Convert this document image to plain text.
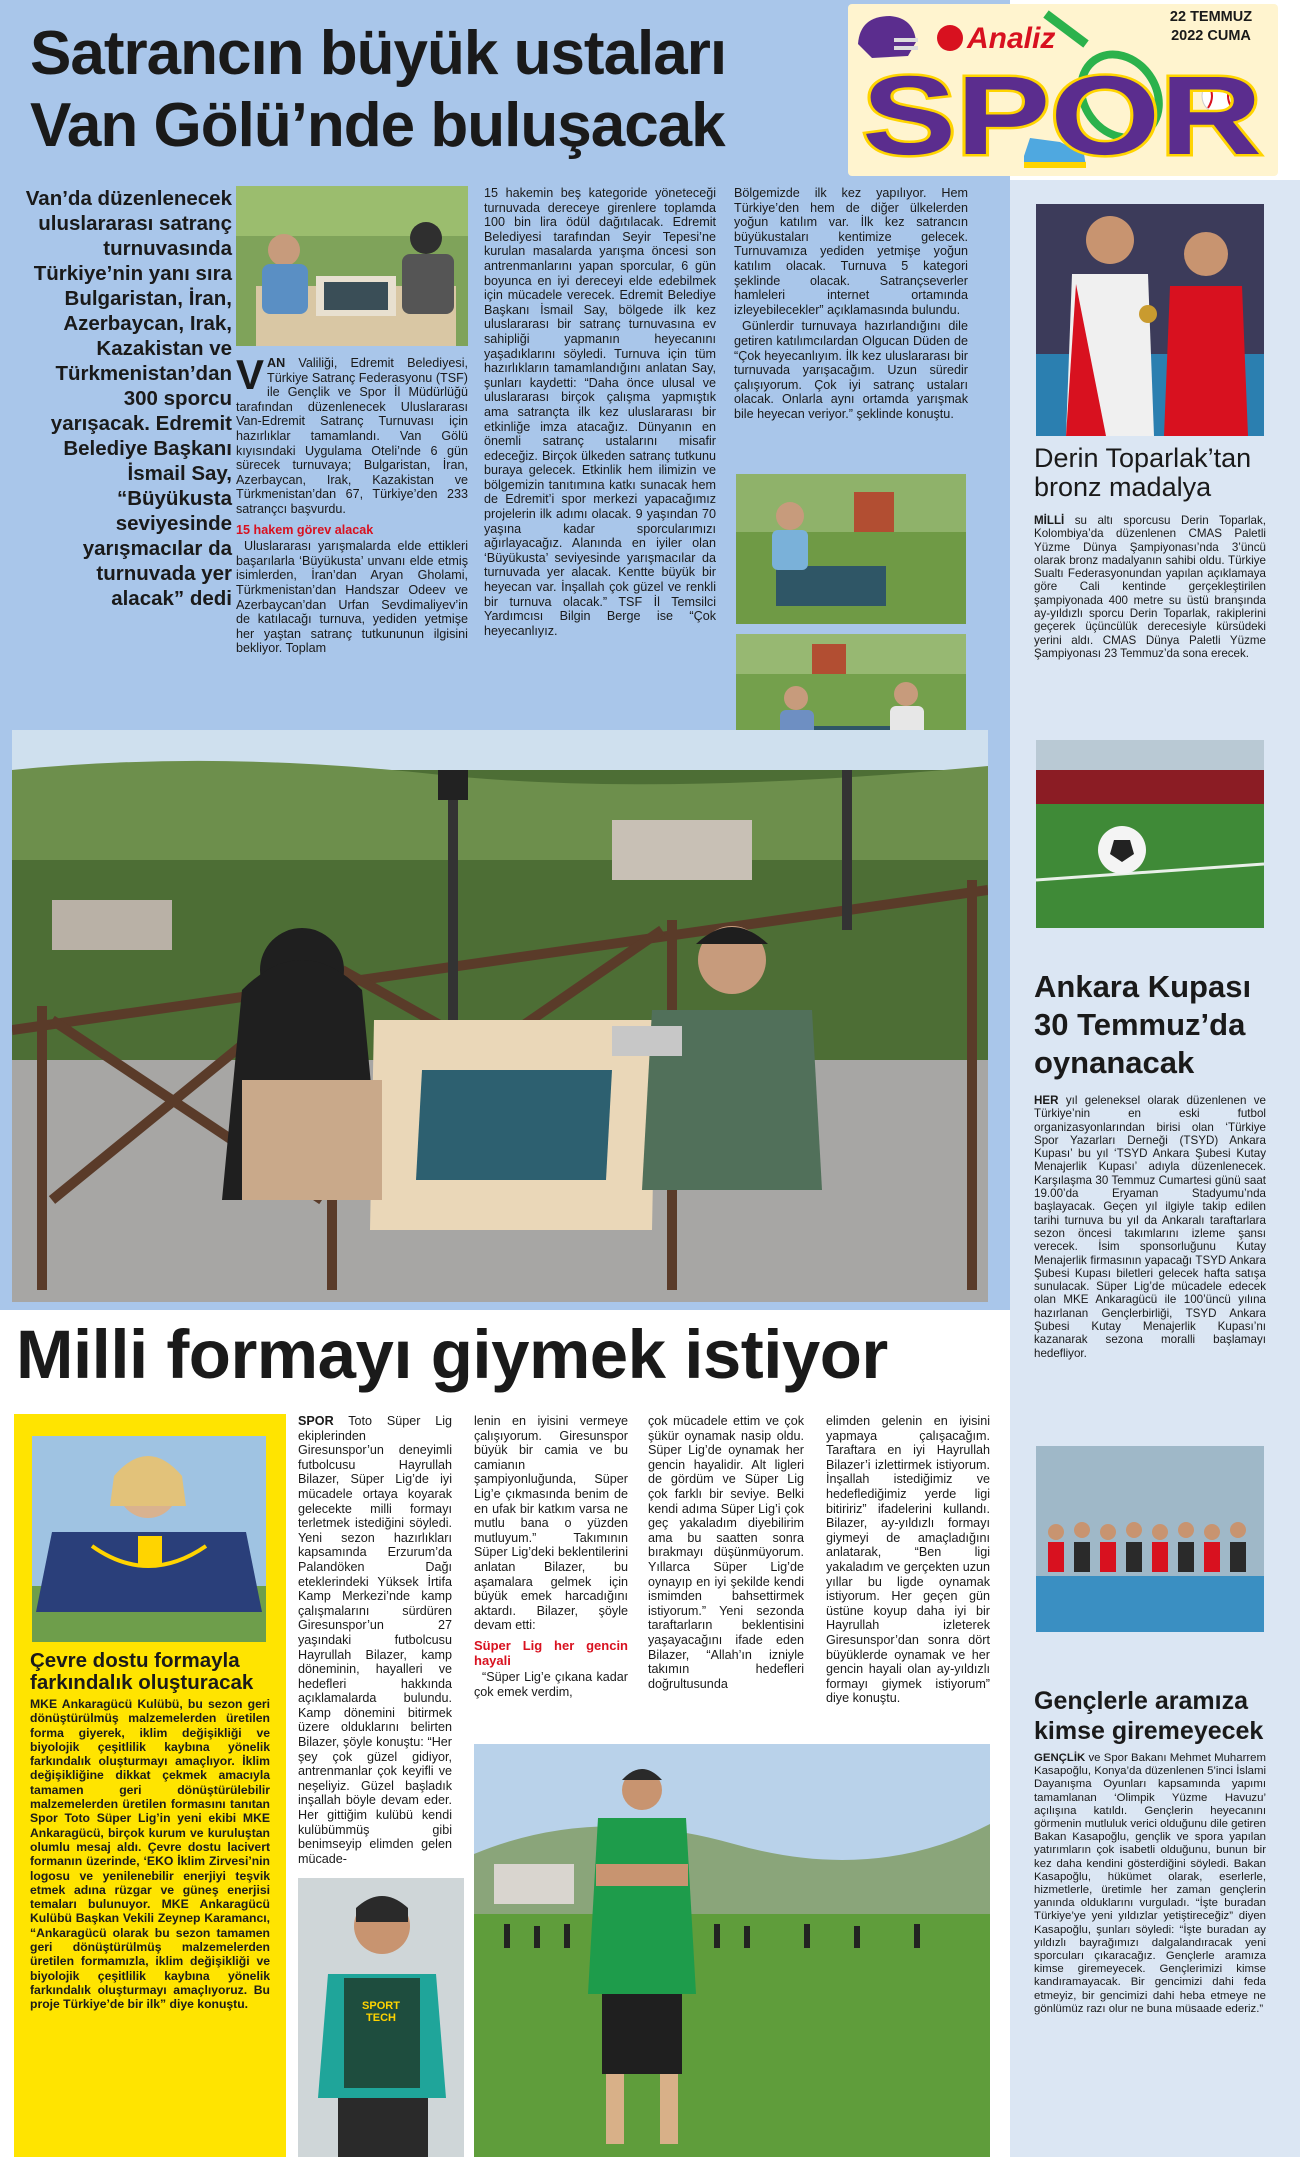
Analiz
SPOR
22 TEMMUZ
2022 CUMA
Satrancın büyük ustaları
Van Gölü’nde buluşacak
Van’da düzenlenecek uluslararası satranç turnuvasında Türkiye’nin yanı sıra Bulgaristan, İran, Azerbaycan, Irak, Kazakistan ve Türkmenistan’dan 300 sporcu yarışacak. Edremit Belediye Başkanı İsmail Say, “Büyükusta seviyesinde yarışmacılar da turnuvada yer alacak” dedi

VAN Valiliği, Edremit Belediyesi, Türkiye Satranç Federasyonu (TSF) ile Gençlik ve Spor İl Müdürlüğü tarafından düzenlenecek Uluslararası Van-Edremit Satranç Turnuvası için hazırlıklar tamamlandı. Van Gölü kıyısındaki Uygulama Oteli’nde 6 gün sürecek turnuvaya; Bulgaristan, İran, Azerbaycan, Irak, Kazakistan ve Türkmenistan’dan 67, Türkiye’den 233 satrançcı başvurdu.

15 hakem görev alacak

Uluslararası yarışmalarda elde ettikleri başarılarla ‘Büyükusta’ unvanı elde etmiş isimlerden, İran’dan Aryan Gholami, Türkmenistan’dan Handszar Odeev ve Azerbaycan’dan Urfan Sevdimaliyev’in de katılacağı turnuva, yediden yetmişe her yaştan satranç tutkununun ilgisini bekliyor. Toplam

15 hakemin beş kategoride yöneteceği turnuvada dereceye girenlere toplamda 100 bin lira ödül dağıtılacak. Edremit Belediyesi tarafından Seyir Tepesi’ne kurulan masalarda yarışma öncesi son antrenmanlarını yapan sporcular, 6 gün boyunca en iyi dereceyi elde edebilmek için mücadele verecek. Edremit Belediye Başkanı İsmail Say, bölgede ilk kez uluslararası bir satranç turnuvasına ev sahipliği yapmanın heyecanını yaşadıklarını söyledi. Turnuva için tüm hazırlıkların tamamlandığını anlatan Say, şunları kaydetti: “Daha önce ulusal ve uluslararası birçok çalışma yapmıştık ama satrançta ilk kez uluslararası bir etkinliğe imza atacağız. Dünyanın en önemli satranç ustalarını misafir edeceğiz. Birçok ülkeden satranç tutkunu buraya gelecek. Etkinlik hem ilimizin ve bölgemizin tanıtımına katkı sunacak hem de Edremit’i spor merkezi yapacağımız projelerin ilk adımı olacak. 9 yaşından 70 yaşına kadar sporcularımızı ağırlayacağız. Alanında en iyiler olan ‘Büyükusta’ seviyesinde yarışmacılar da turnuvada yer alacak. Kentte büyük bir heyecan var. İnşallah çok güzel ve renkli bir turnuva olacak.” TSF İl Temsilci Yardımcısı Bilgin Berge ise “Çok heyecanlıyız.

Bölgemizde ilk kez yapılıyor. Hem Türkiye’den hem de diğer ülkelerden yoğun katılım var. İlk kez satrancın büyükustaları kentimize gelecek. Turnuvamıza yediden yetmişe yoğun katılım olacak. Turnuva 5 kategori şeklinde olacak. Satrançseverler hamleleri internet ortamında izleyebilecekler” açıklamasında bulundu.

Günlerdir turnuvaya hazırlandığını dile getiren katılımcılardan Olgucan Düden de “Çok heyecanlıyım. İlk kez uluslararası bir turnuvada yarışacağım. Uzun süredir çalışıyorum. Çok iyi satranç ustaları olacak. Onlarla aynı ortamda yarışmak bile heyecan veriyor.” şeklinde konuştu.

Milli formayı giymek istiyor
Çevre dostu formayla farkındalık oluşturacak
MKE Ankaragücü Kulübü, bu sezon geri dönüştürülmüş malzemelerden üretilen forma giyerek, iklim değişikliği ve biyolojik çeşitlilik kaybına yönelik farkındalık oluşturmayı amaçlıyor. İklim değişikliğine dikkat çekmek amacıyla tamamen geri dönüştürülebilir malzemelerden üretilen formasını tanıtan Spor Toto Süper Lig’in yeni ekibi MKE Ankaragücü, birçok kurum ve kuruluştan olumlu mesaj aldı. Çevre dostu lacivert formanın üzerinde, ‘EKO İklim Zirvesi’nin logosu ve yenilenebilir enerjiyi teşvik etmek adına rüzgar ve güneş enerjisi temaları bulunuyor. MKE Ankaragücü Kulübü Başkan Vekili Zeynep Karamancı, “Ankaragücü olarak bu sezon tamamen geri dönüştürülmüş malzemelerden üretilen formamızla, iklim değişikliği ve biyolojik çeşitlilik kaybına yönelik farkındalık oluşturmayı amaçlıyoruz. Bu proje Türkiye’de bir ilk” diye konuştu.

SPOR Toto Süper Lig ekiplerinden Giresunspor’un deneyimli futbolcusu Hayrullah Bilazer, Süper Lig’de iyi mücadele ortaya koyarak gelecekte milli formayı terletmek istediğini söyledi. Yeni sezon hazırlıkları kapsamında Erzurum’da Palandöken Dağı eteklerindeki Yüksek İrtifa Kamp Merkezi’nde kamp çalışmalarını sürdüren Giresunspor’un 27 yaşındaki futbolcusu Hayrullah Bilazer, kamp döneminin, hayalleri ve hedefleri hakkında açıklamalarda bulundu. Kamp dönemini bitirmek üzere olduklarını belirten Bilazer, şöyle konuştu: “Her şey çok güzel gidiyor, antrenmanlar çok keyifli ve neşeliyiz. Güzel başladık inşallah böyle devam eder. Her gittiğim kulübü kendi kulübümmüş gibi benimseyip elimden gelen mücade-

lenin en iyisini vermeye çalışıyorum. Giresunspor büyük bir camia ve bu camianın şampiyonluğunda, Süper Lig’e çıkmasında benim de en ufak bir katkım varsa ne mutlu bana o yüzden mutluyum.” Takımının Süper Lig’deki beklentilerini anlatan Bilazer, bu aşamalara gelmek için büyük emek harcadığını aktardı. Bilazer, şöyle devam etti:

Süper Lig her gencin hayali

“Süper Lig’e çıkana kadar çok emek verdim,

çok mücadele ettim ve çok şükür oynamak nasip oldu. Süper Lig’de oynamak her gencin hayalidir. Alt ligleri de gördüm ve Süper Lig çok farklı bir seviye. Belki kendi adıma Süper Lig’i çok geç yakaladım diyebilirim ama bu saatten sonra bırakmayı düşünmüyorum. Yıllarca Süper Lig’de oynayıp en iyi şekilde kendi ismimden bahsettirmek istiyorum.” Yeni sezonda taraftarların beklentisini yaşayacağını ifade eden Bilazer, “Allah’ın izniyle takımın hedefleri doğrultusunda

elimden gelenin en iyisini yapmaya çalışacağım. Taraftara en iyi Hayrullah Bilazer’i izlettirmek istiyorum. İnşallah istediğimiz ve hedeflediğimiz yerde ligi bitiririz” ifadelerini kullandı. Bilazer, ay-yıldızlı formayı giymeyi de amaçladığını anlatarak, “Ben ligi yakaladım ve gerçekten uzun yıllar bu ligde oynamak istiyorum. Her geçen gün üstüne koyup daha iyi bir Hayrullah izleterek Giresunspor’dan sonra dört büyüklerde oynamak ve her gencin hayali olan ay-yıldızlı formayı giymek istiyorum” diye konuştu.

SPORT
TECH
Derin Toparlak’tan bronz madalya
MİLLİ su altı sporcusu Derin Toparlak, Kolombiya’da düzenlenen CMAS Paletli Yüzme Dünya Şampiyonası’nda 3’üncü olarak bronz madalyanın sahibi oldu. Türkiye Sualtı Federasyonundan yapılan açıklamaya göre Cali kentinde gerçekleştirilen şampiyonada 400 metre su üstü branşında ay-yıldızlı sporcu Derin Toparlak, rakiplerini geçerek üçüncülük derecesiyle kürsüdeki yerini aldı. CMAS Dünya Paletli Yüzme Şampiyonası 23 Temmuz’da sona erecek.
Ankara Kupası 30 Temmuz’da oynanacak
HER yıl geleneksel olarak düzenlenen ve Türkiye’nin en eski futbol organizasyonlarından birisi olan ‘Türkiye Spor Yazarları Derneği (TSYD) Ankara Kupası’ bu yıl ‘TSYD Ankara Şubesi Kutay Menajerlik Kupası’ adıyla düzenlenecek. Karşılaşma 30 Temmuz Cumartesi günü saat 19.00’da Eryaman Stadyumu’nda başlayacak. Geçen yıl ilgiyle takip edilen tarihi turnuva bu yıl da Ankaralı taraftarlara sezon öncesi takımlarını izleme şansı verecek. İsim sponsorluğunu Kutay Menajerlik firmasının yapacağı TSYD Ankara Şubesi Kupası biletleri gelecek hafta satışa sunulacak. Süper Lig’de mücadele edecek olan MKE Ankaragücü ile 100’üncü yılına hazırlanan Gençlerbirliği, TSYD Ankara Şubesi Kutay Menajerlik Kupası’nı kazanarak sezona moralli başlamayı hedefliyor.
Gençlerle aramıza kimse giremeyecek
GENÇLİK ve Spor Bakanı Mehmet Muharrem Kasapoğlu, Konya’da düzenlenen 5’inci İslami Dayanışma Oyunları kapsamında yapımı tamamlanan ‘Olimpik Yüzme Havuzu’ açılışına katıldı. Gençlerin heyecanını görmenin mutluluk verici olduğunu dile getiren Bakan Kasapoğlu, gençlik ve spora yapılan yatırımların çok isabetli olduğunu, bunun bir kez daha kendini gösterdiğini söyledi. Bakan Kasapoğlu, hükümet olarak, eserlerle, hizmetlerle, üretimle her zaman gençlerin yanında olduklarını vurguladı. “İşte buradan Türkiye’ye yeni yıldızlar yetiştireceğiz” diyen Kasapoğlu, şunları söyledi: “İşte buradan ay yıldızlı bayrağımızı dalgalandıracak yeni sporcuları çıkaracağız. Gençlerle aramıza kimse giremeyecek. Gençlerimizi kimse kandıramayacak. Bir gencimizi dahi feda etmeyiz, bir gencimizi dahi heba etmeye ne gönlümüz razı olur ne buna müsaade ederiz.”
